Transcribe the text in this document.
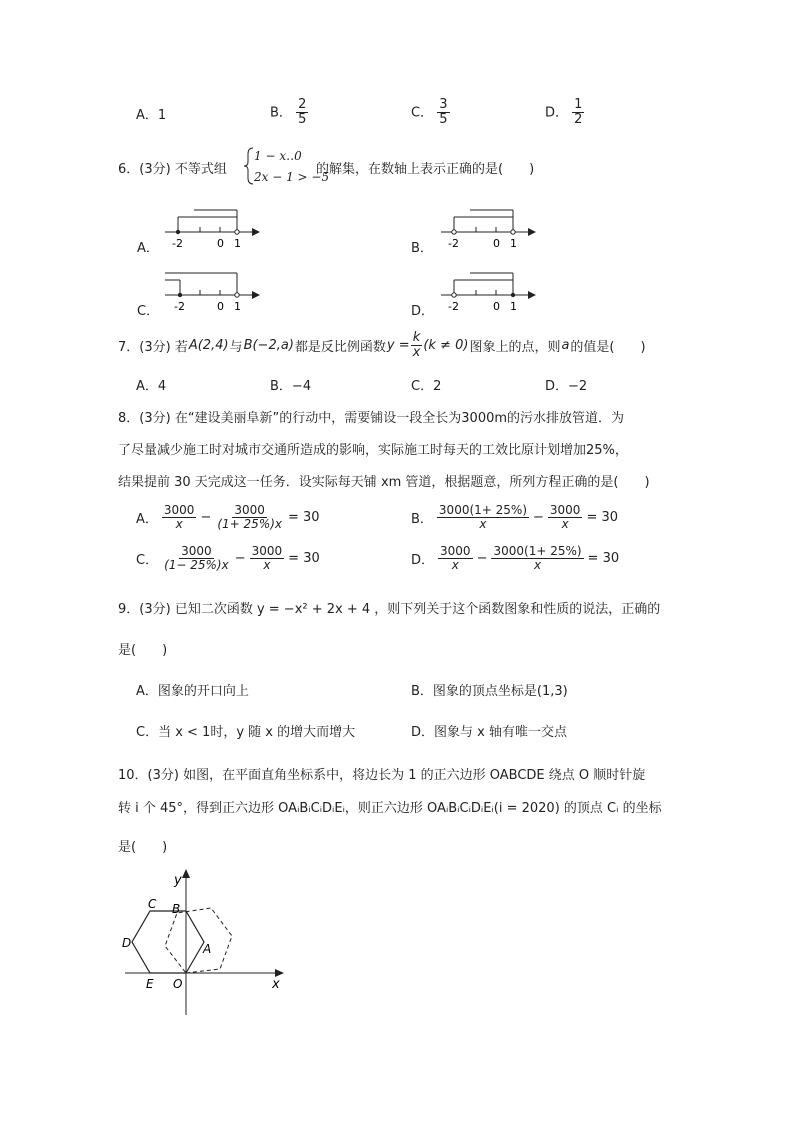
A．1	B． $\frac{2}{5}$	C． $\frac{3}{5}$	D． $\frac{1}{2}$
6．(3分) 不等式组
1 − x‥0
2x − 1 > −5
的解集，在数轴上表示正确的是(　　)
A． -2	0 1	B． -2	0 1
C． -2	0 1	D． -2	0 1
7．(3分) 若 A(2,4) 与 B(−2,a) 都是反比例函数 $y = \frac{k}{x} (k \ne 0)$ 图象上的点，则 a 的值是(　　)
A．4	B．−4	C．2	D．−2
8．(3分) 在“建设美丽阜新”的行动中，需要铺设一段全长为3000m的污水排放管道．为
了尽量减少施工时对城市交通所造成的影响，实际施工时每天的工效比原计划增加25%，
结果提前 30 天完成这一任务．设实际每天铺 xm 管道，根据题意，所列方程正确的是(　　)
A． $\frac{3000}{x} - \frac{3000}{(1+ 25\%)x} = 30$	B． $\frac{3000(1+ 25\%)}{x} - \frac{3000}{x} = 30$
C． $\frac{3000}{(1- 25\%)x} - \frac{3000}{x} = 30$	D． $\frac{3000}{x} - \frac{3000(1+ 25\%)}{x} = 30$
9．(3分) 已知二次函数 y = −x² + 2x + 4 ，则下列关于这个函数图象和性质的说法，正确的
是(　　)
A．图象的开口向上	B．图象的顶点坐标是(1,3)
C．当 x < 1时，y 随 x 的增大而增大	D．图象与 x 轴有唯一交点
10．(3分) 如图，在平面直角坐标系中，将边长为 1 的正六边形 OABCDE 绕点 O 顺时针旋
转 i 个 45°，得到正六边形 OAᵢBᵢCᵢDᵢEᵢ，则正六边形 OAᵢBᵢCᵢDᵢEᵢ(i = 2020) 的顶点 Cᵢ 的坐标
是(　　)
y
x
C B
D	A
E O
